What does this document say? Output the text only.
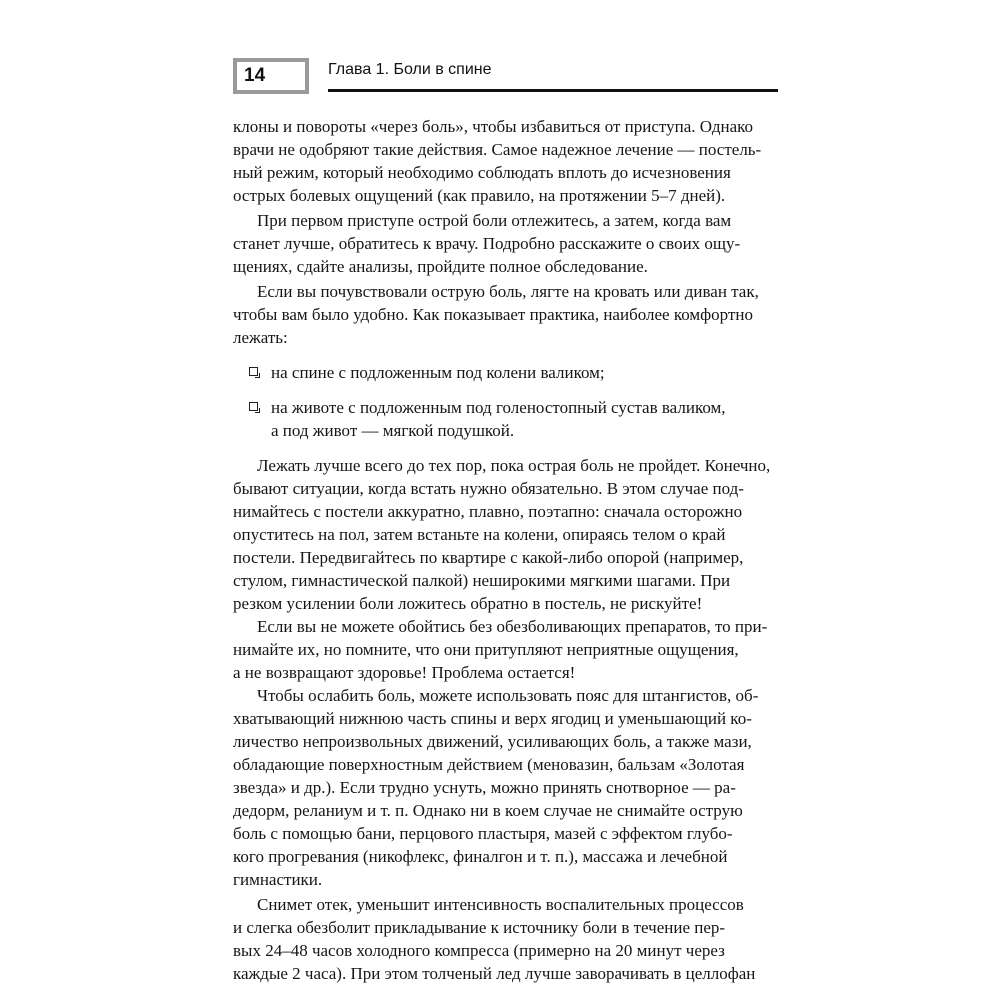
14	Глава 1. Боли в спине
клоны и повороты «через боль», чтобы избавиться от приступа. Однако
врачи не одобряют такие действия. Самое надежное лечение — постель-
ный режим, который необходимо соблюдать вплоть до исчезновения
острых болевых ощущений (как правило, на протяжении 5–7 дней).
При первом приступе острой боли отлежитесь, а затем, когда вам
станет лучше, обратитесь к врачу. Подробно расскажите о своих ощу-
щениях, сдайте анализы, пройдите полное обследование.
Если вы почувствовали острую боль, лягте на кровать или диван так,
чтобы вам было удобно. Как показывает практика, наиболее комфортно
лежать:
на спине с подложенным под колени валиком;
на животе с подложенным под голеностопный сустав валиком,
а под живот — мягкой подушкой.
Лежать лучше всего до тех пор, пока острая боль не пройдет. Конечно,
бывают ситуации, когда встать нужно обязательно. В этом случае под-
нимайтесь с постели аккуратно, плавно, поэтапно: сначала осторожно
опуститесь на пол, затем встаньте на колени, опираясь телом о край
постели. Передвигайтесь по квартире с какой-либо опорой (например,
стулом, гимнастической палкой) неширокими мягкими шагами. При
резком усилении боли ложитесь обратно в постель, не рискуйте!
Если вы не можете обойтись без обезболивающих препаратов, то при-
нимайте их, но помните, что они притупляют неприятные ощущения,
а не возвращают здоровье! Проблема остается!
Чтобы ослабить боль, можете использовать пояс для штангистов, об-
хватывающий нижнюю часть спины и верх ягодиц и уменьшающий ко-
личество непроизвольных движений, усиливающих боль, а также мази,
обладающие поверхностным действием (меновазин, бальзам «Золотая
звезда» и др.). Если трудно уснуть, можно принять снотворное — ра-
дедорм, реланиум и т. п. Однако ни в коем случае не снимайте острую
боль с помощью бани, перцового пластыря, мазей с эффектом глубо-
кого прогревания (никофлекс, финалгон и т. п.), массажа и лечебной
гимнастики.
Снимет отек, уменьшит интенсивность воспалительных процессов
и слегка обезболит прикладывание к источнику боли в течение пер-
вых 24–48 часов холодного компресса (примерно на 20 минут через
каждые 2 часа). При этом толченый лед лучше заворачивать в целлофан
